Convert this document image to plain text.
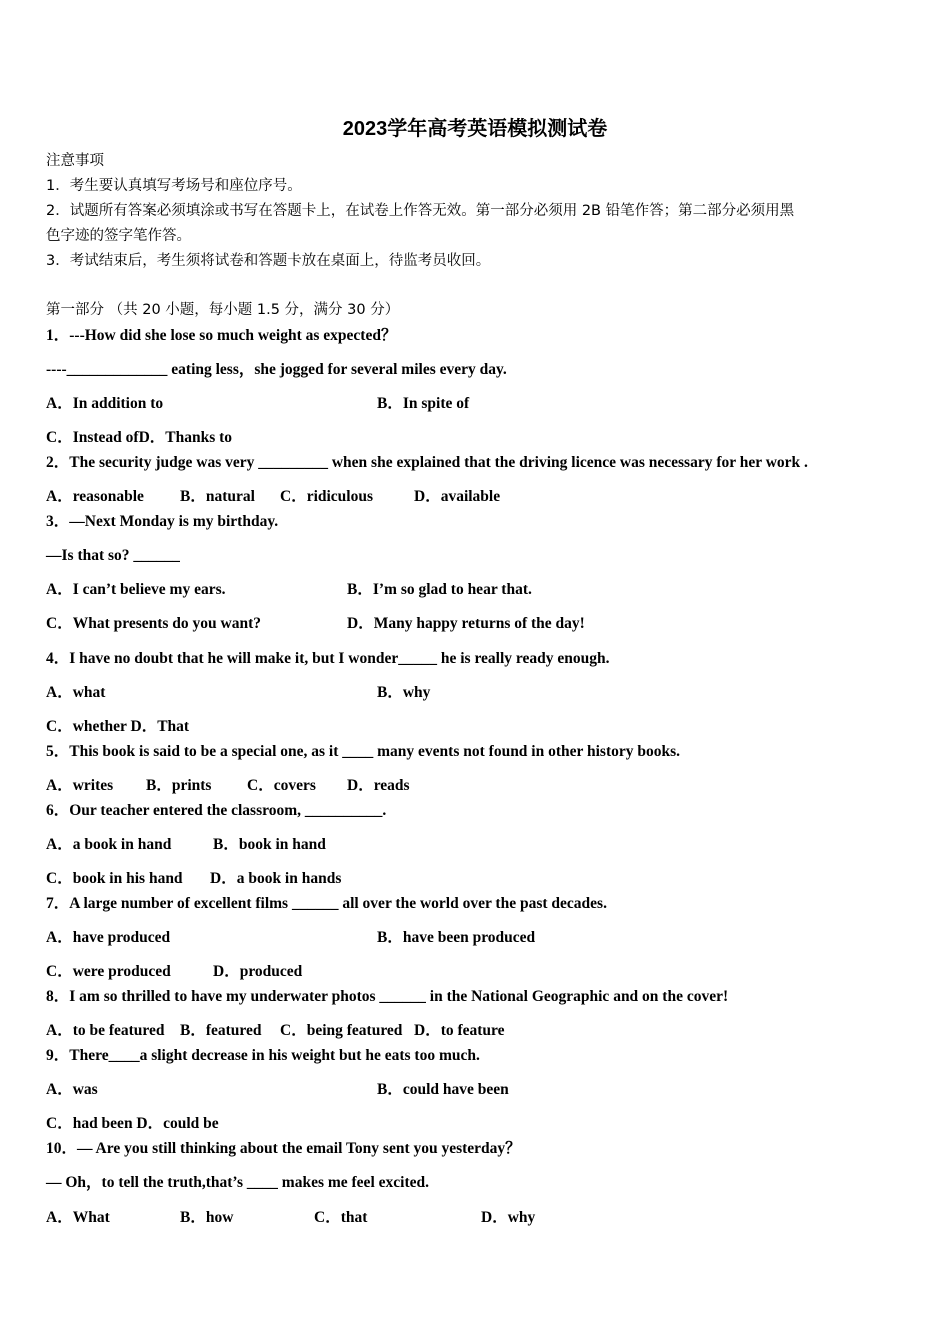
2023学年高考英语模拟测试卷
注意事项
1．考生要认真填写考场号和座位序号。
2．试题所有答案必须填涂或书写在答题卡上，在试卷上作答无效。第一部分必须用 2B 铅笔作答；第二部分必须用黑
色字迹的签字笔作答。
3．考试结束后，考生须将试卷和答题卡放在桌面上，待监考员收回。
第一部分 （共 20 小题，每小题 1.5 分，满分 30 分）
1．---How did she lose so much weight as expected？
----_____________ eating less，she jogged for several miles every day.
A．In addition to	B．In spite of
C．Instead ofD．Thanks to
2．The security judge was very _________ when she explained that the driving licence was necessary for her work .
A．reasonable B．natural C．ridiculous	D．available
3．—Next Monday is my birthday.
—Is that so? ______
A．I can’t believe my ears.	B．I’m so glad to hear that.
C．What presents do you want?	D．Many happy returns of the day!
4．I have no doubt that he will make it, but I wonder_____ he is really ready enough.
A．what	B．why
C．whether D．That
5．This book is said to be a special one, as it ____ many events not found in other history books.
A．writes B．prints C．covers D．reads
6．Our teacher entered the classroom, __________.
A．a book in hand	B．book in hand
C．book in his hand D．a book in hands
7．A large number of excellent films ______ all over the world over the past decades.
A．have produced	B．have been produced
C．were produced	D．produced
8．I am so thrilled to have my underwater photos ______ in the National Geographic and on the cover!
A．to be featured B．featured C．being featured D．to feature
9．There____a slight decrease in his weight but he eats too much.
A．was	B．could have been
C．had been D．could be
10．— Are you still thinking about the email Tony sent you yesterday？
— Oh，to tell the truth,that’s ____ makes me feel excited.
A．What	B．how	C．that	D．why
